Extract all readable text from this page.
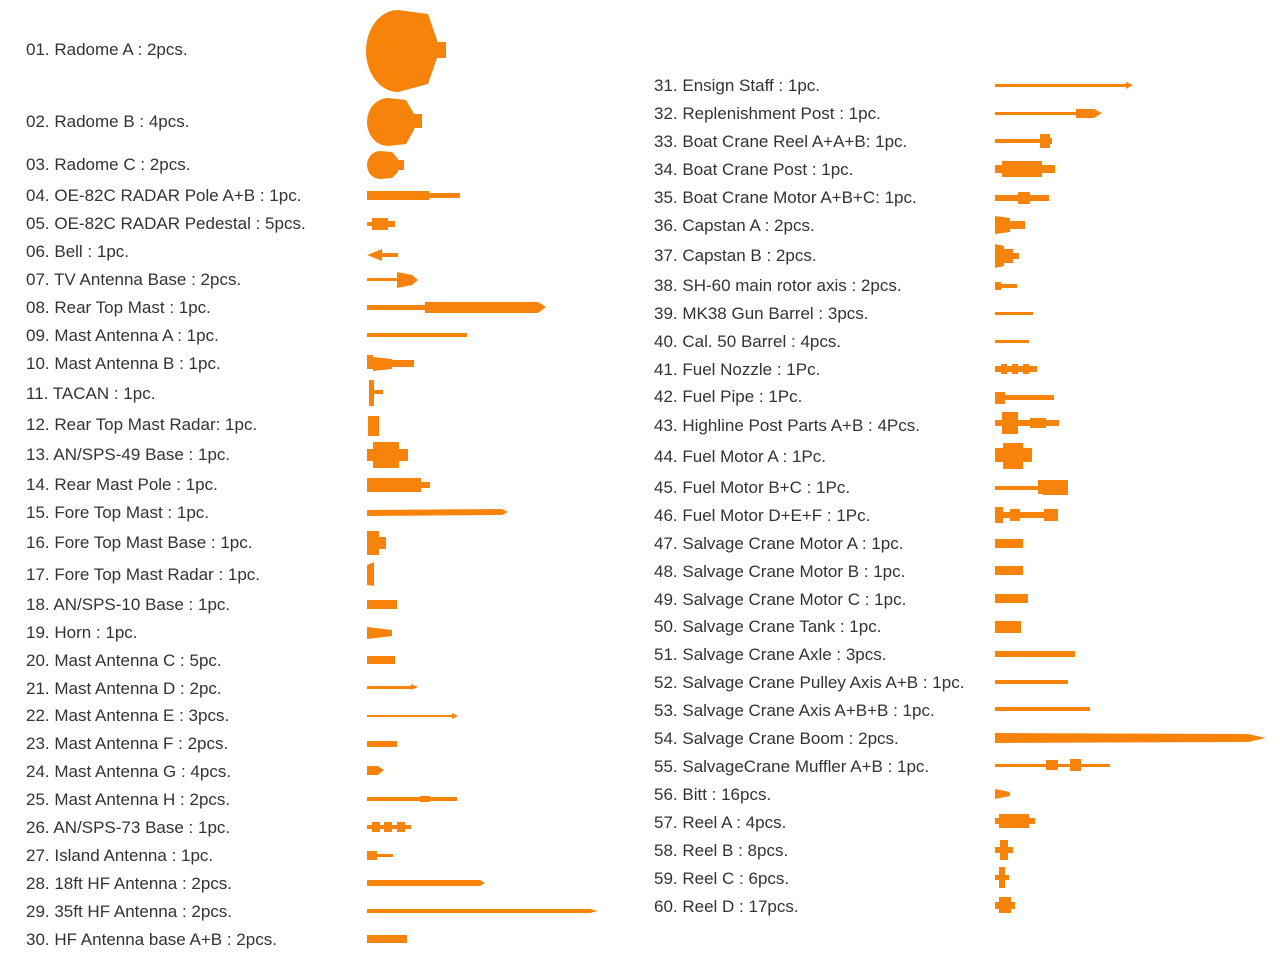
01. Radome A : 2pcs.
02. Radome B : 4pcs.
03. Radome C : 2pcs.
04. OE-82C RADAR Pole A+B : 1pc.
05. OE-82C RADAR Pedestal : 5pcs.
06. Bell : 1pc.
07. TV Antenna Base : 2pcs.
08. Rear Top Mast : 1pc.
09. Mast Antenna A : 1pc.
10. Mast Antenna B : 1pc.
11. TACAN : 1pc.
12. Rear Top Mast Radar: 1pc.
13. AN/SPS-49 Base : 1pc.
14. Rear Mast Pole : 1pc.
15. Fore Top Mast : 1pc.
16. Fore Top Mast Base : 1pc.
17. Fore Top Mast Radar : 1pc.
18. AN/SPS-10 Base : 1pc.
19. Horn : 1pc.
20. Mast Antenna C : 5pc.
21. Mast Antenna D : 2pc.
22. Mast Antenna E : 3pcs.
23. Mast Antenna F : 2pcs.
24. Mast Antenna G : 4pcs.
25. Mast Antenna H : 2pcs.
26. AN/SPS-73 Base : 1pc.
27. Island Antenna : 1pc.
28. 18ft HF Antenna : 2pcs.
29. 35ft HF Antenna : 2pcs.
30. HF Antenna base A+B : 2pcs.
31. Ensign Staff : 1pc.
32. Replenishment Post : 1pc.
33. Boat Crane Reel A+A+B: 1pc.
34. Boat Crane Post : 1pc.
35. Boat Crane Motor A+B+C: 1pc.
36. Capstan A : 2pcs.
37. Capstan B : 2pcs.
38. SH-60 main rotor axis : 2pcs.
39. MK38 Gun Barrel : 3pcs.
40. Cal. 50 Barrel : 4pcs.
41. Fuel Nozzle : 1Pc.
42. Fuel Pipe : 1Pc.
43. Highline Post Parts A+B : 4Pcs.
44. Fuel Motor A : 1Pc.
45. Fuel Motor B+C : 1Pc.
46. Fuel Motor D+E+F : 1Pc.
47. Salvage Crane Motor A : 1pc.
48. Salvage Crane Motor B : 1pc.
49. Salvage Crane Motor C : 1pc.
50. Salvage Crane Tank : 1pc.
51. Salvage Crane Axle : 3pcs.
52. Salvage Crane Pulley Axis A+B : 1pc.
53. Salvage Crane Axis A+B+B : 1pc.
54. Salvage Crane Boom : 2pcs.
55. SalvageCrane Muffler A+B : 1pc.
56. Bitt : 16pcs.
57. Reel A : 4pcs.
58. Reel B : 8pcs.
59. Reel C : 6pcs.
60. Reel D : 17pcs.
